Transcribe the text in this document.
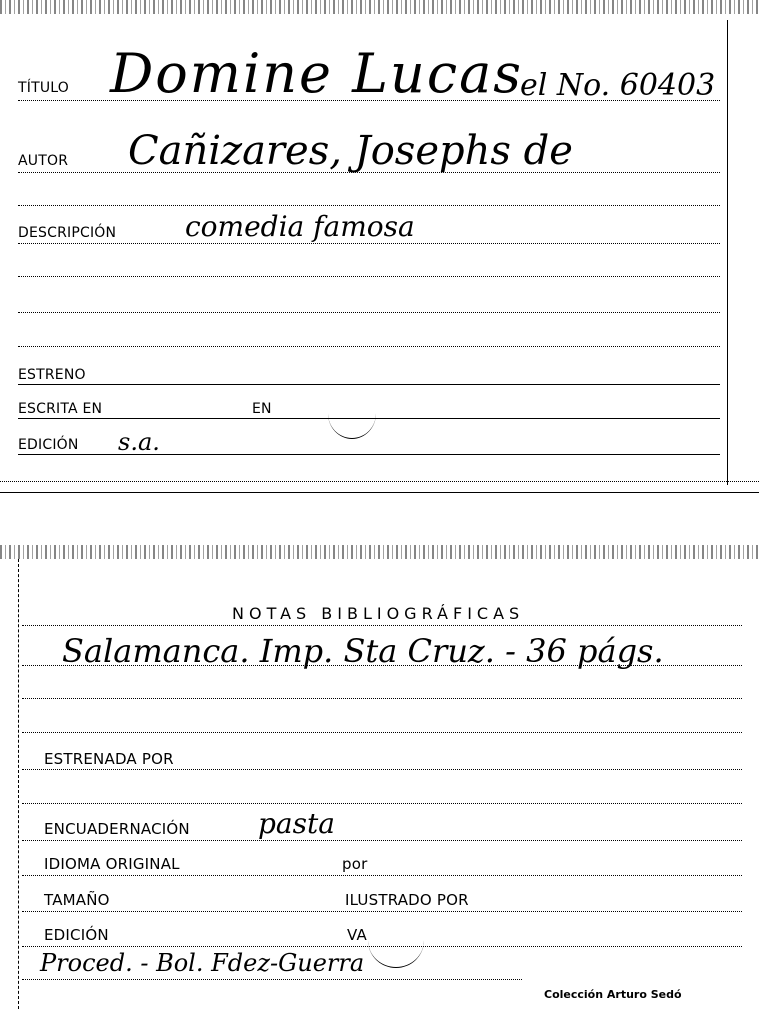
TÍTULO Domine Lucas
el No. 60403
AUTOR Cañizares, Josephs de
DESCRIPCIÓN comedia famosa
ESTRENO
ESCRITA EN	EN
EDICIÓN s.a.
NOTAS BIBLIOGRÁFICAS
Salamanca. Imp. Sta Cruz. - 36 págs.
ESTRENADA POR
ENCUADERNACIÓN pasta
IDIOMA ORIGINAL	por
TAMAÑO	ILUSTRADO POR
EDICIÓN	VA
Proced. - Bol. Fdez-Guerra
Colección Arturo Sedó
